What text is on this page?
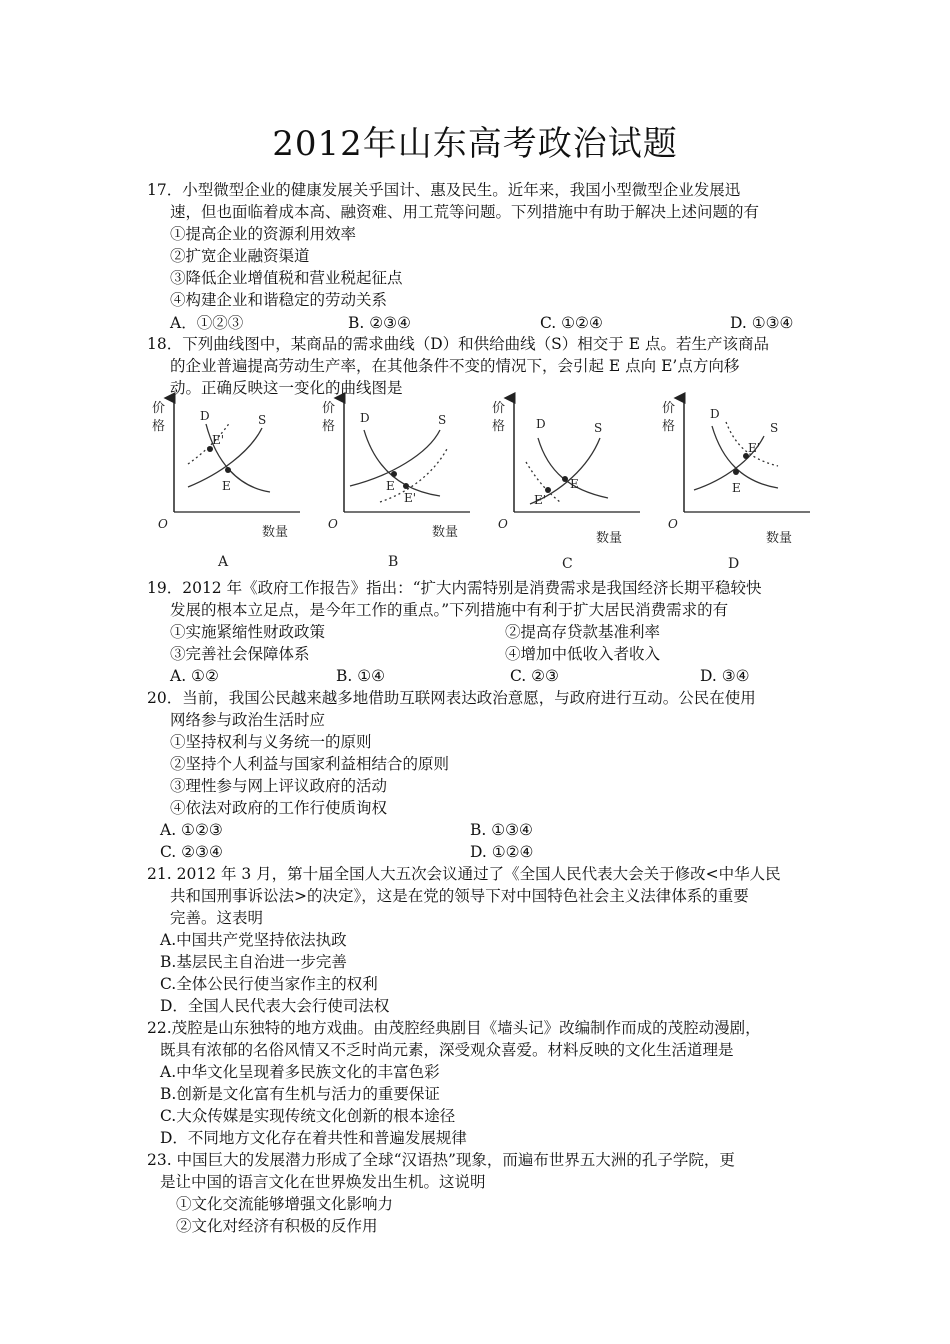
2012年山东高考政治试题
17．小型微型企业的健康发展关乎国计、惠及民生。近年来，我国小型微型企业发展迅
速，但也面临着成本高、融资难、用工荒等问题。下列措施中有助于解决上述问题的有
①提高企业的资源利用效率
②扩宽企业融资渠道
③降低企业增值税和营业税起征点
④构建企业和谐稳定的劳动关系
A．①②③	B. ②③④	C. ①②④	D. ①③④
18．下列曲线图中，某商品的需求曲线（D）和供给曲线（S）相交于 E 点。若生产该商品
的企业普遍提高劳动生产率，在其他条件不变的情况下，会引起 E 点向 E’点方向移
动。正确反映这一变化的曲线图是
价
格
O
数量
D	S
E
E'
A
价
格
O
数量
D	S
E
E'
B
价
格
O
数量
D	S
E
E'
C
价
格
O
数量
D
S
E
E'
D
19．2012 年《政府工作报告》指出：“扩大内需特别是消费需求是我国经济长期平稳较快
发展的根本立足点，是今年工作的重点。”下列措施中有利于扩大居民消费需求的有
①实施紧缩性财政政策	②提高存贷款基准利率
③完善社会保障体系	④增加中低收入者收入
A. ①②	B. ①④	C. ②③	D. ③④
20．当前，我国公民越来越多地借助互联网表达政治意愿，与政府进行互动。公民在使用
网络参与政治生活时应
①坚持权利与义务统一的原则
②坚持个人利益与国家利益相结合的原则
③理性参与网上评议政府的活动
④依法对政府的工作行使质询权
A. ①②③	B. ①③④
C. ②③④	D. ①②④
21. 2012 年 3 月，第十届全国人大五次会议通过了《全国人民代表大会关于修改<中华人民
共和国刑事诉讼法>的决定》，这是在党的领导下对中国特色社会主义法律体系的重要
完善。这表明
A.中国共产党坚持依法执政
B.基层民主自治进一步完善
C.全体公民行使当家作主的权利
D．全国人民代表大会行使司法权
22.茂腔是山东独特的地方戏曲。由茂腔经典剧目《墙头记》改编制作而成的茂腔动漫剧，
既具有浓郁的名俗风情又不乏时尚元素，深受观众喜爱。材料反映的文化生活道理是
A.中华文化呈现着多民族文化的丰富色彩
B.创新是文化富有生机与活力的重要保证
C.大众传媒是实现传统文化创新的根本途径
D．不同地方文化存在着共性和普遍发展规律
23. 中国巨大的发展潜力形成了全球“汉语热”现象，而遍布世界五大洲的孔子学院，更
是让中国的语言文化在世界焕发出生机。这说明
①文化交流能够增强文化影响力
②文化对经济有积极的反作用
